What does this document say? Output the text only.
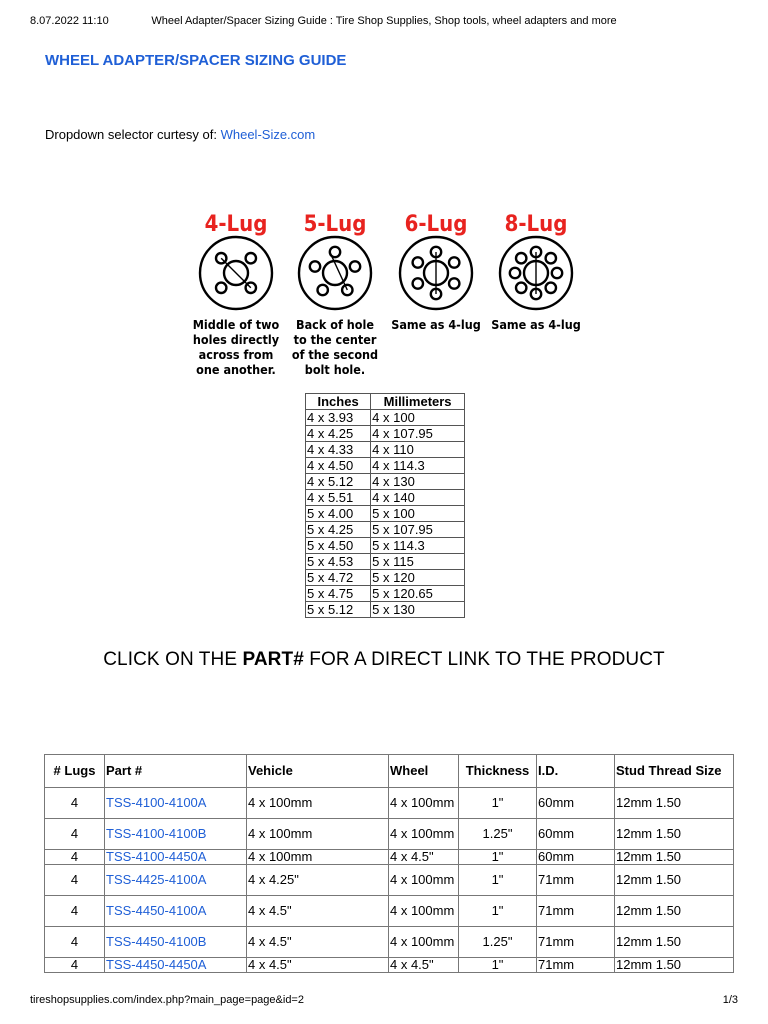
8.07.2022 11:10	Wheel Adapter/Spacer Sizing Guide : Tire Shop Supplies, Shop tools, wheel adapters and more
WHEEL ADAPTER/SPACER SIZING GUIDE
Dropdown selector curtesy of: Wheel-Size.com
4-Lug 5-Lug 6-Lug 8-Lug
Middle of two
holes directly
across from
one another.
Back of hole
to the center
of the second
bolt hole.
Same as 4-lug Same as 4-lug
Inches	Millimeters
4 x 3.93	4 x 100
4 x 4.25	4 x 107.95
4 x 4.33	4 x 110
4 x 4.50	4 x 114.3
4 x 5.12	4 x 130
4 x 5.51	4 x 140
5 x 4.00	5 x 100
5 x 4.25	5 x 107.95
5 x 4.50	5 x 114.3
5 x 4.53	5 x 115
5 x 4.72	5 x 120
5 x 4.75	5 x 120.65
5 x 5.12	5 x 130
CLICK ON THE PART# FOR A DIRECT LINK TO THE PRODUCT
# Lugs	Part #	Vehicle	Wheel	Thickness	I.D.	Stud Thread Size
4	TSS-4100-4100A	4 x 100mm	4 x 100mm	1"	60mm	12mm 1.50
4	TSS-4100-4100B	4 x 100mm	4 x 100mm	1.25"	60mm	12mm 1.50
4	TSS-4100-4450A	4 x 100mm	4 x 4.5"	1"	60mm	12mm 1.50
4	TSS-4425-4100A	4 x 4.25"	4 x 100mm	1"	71mm	12mm 1.50
4	TSS-4450-4100A	4 x 4.5"	4 x 100mm	1"	71mm	12mm 1.50
4	TSS-4450-4100B	4 x 4.5"	4 x 100mm	1.25"	71mm	12mm 1.50
4	TSS-4450-4450A	4 x 4.5"	4 x 4.5"	1"	71mm	12mm 1.50
tireshopsupplies.com/index.php?main_page=page&id=2	1/3
